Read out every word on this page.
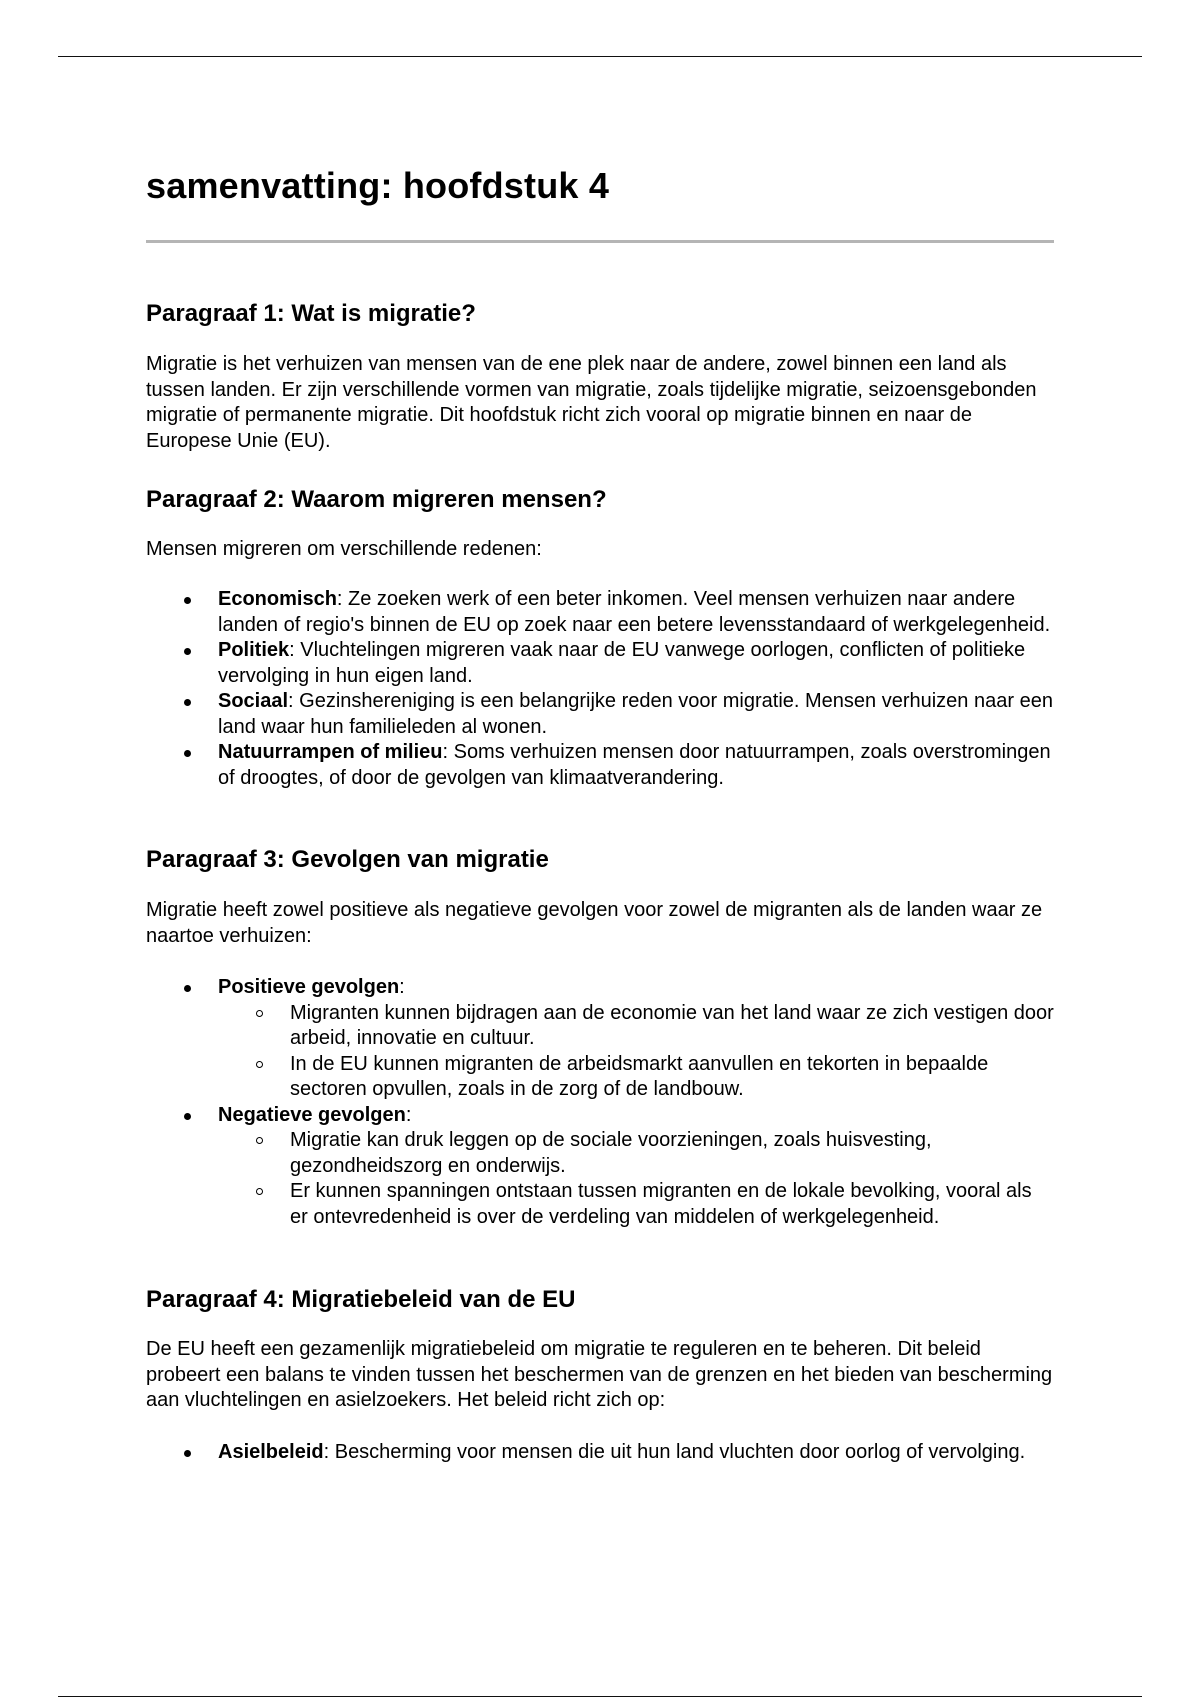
samenvatting: hoofdstuk 4
Paragraaf 1: Wat is migratie?

Migratie is het verhuizen van mensen van de ene plek naar de andere, zowel binnen een land als tussen landen. Er zijn verschillende vormen van migratie, zoals tijdelijke migratie, seizoensgebonden migratie of permanente migratie. Dit hoofdstuk richt zich vooral op migratie binnen en naar de Europese Unie (EU).

Paragraaf 2: Waarom migreren mensen?

Mensen migreren om verschillende redenen:

Economisch: Ze zoeken werk of een beter inkomen. Veel mensen verhuizen naar andere landen of regio's binnen de EU op zoek naar een betere levensstandaard of werkgelegenheid.
Politiek: Vluchtelingen migreren vaak naar de EU vanwege oorlogen, conflicten of politieke vervolging in hun eigen land.
Sociaal: Gezinshereniging is een belangrijke reden voor migratie. Mensen verhuizen naar een land waar hun familieleden al wonen.
Natuurrampen of milieu: Soms verhuizen mensen door natuurrampen, zoals overstromingen of droogtes, of door de gevolgen van klimaatverandering.
Paragraaf 3: Gevolgen van migratie

Migratie heeft zowel positieve als negatieve gevolgen voor zowel de migranten als de landen waar ze naartoe verhuizen:

Positieve gevolgen:
Migranten kunnen bijdragen aan de economie van het land waar ze zich vestigen door arbeid, innovatie en cultuur.
In de EU kunnen migranten de arbeidsmarkt aanvullen en tekorten in bepaalde sectoren opvullen, zoals in de zorg of de landbouw.
Negatieve gevolgen:
Migratie kan druk leggen op de sociale voorzieningen, zoals huisvesting, gezondheidszorg en onderwijs.
Er kunnen spanningen ontstaan tussen migranten en de lokale bevolking, vooral als er ontevredenheid is over de verdeling van middelen of werkgelegenheid.
Paragraaf 4: Migratiebeleid van de EU

De EU heeft een gezamenlijk migratiebeleid om migratie te reguleren en te beheren. Dit beleid probeert een balans te vinden tussen het beschermen van de grenzen en het bieden van bescherming aan vluchtelingen en asielzoekers. Het beleid richt zich op:

Asielbeleid: Bescherming voor mensen die uit hun land vluchten door oorlog of vervolging.
